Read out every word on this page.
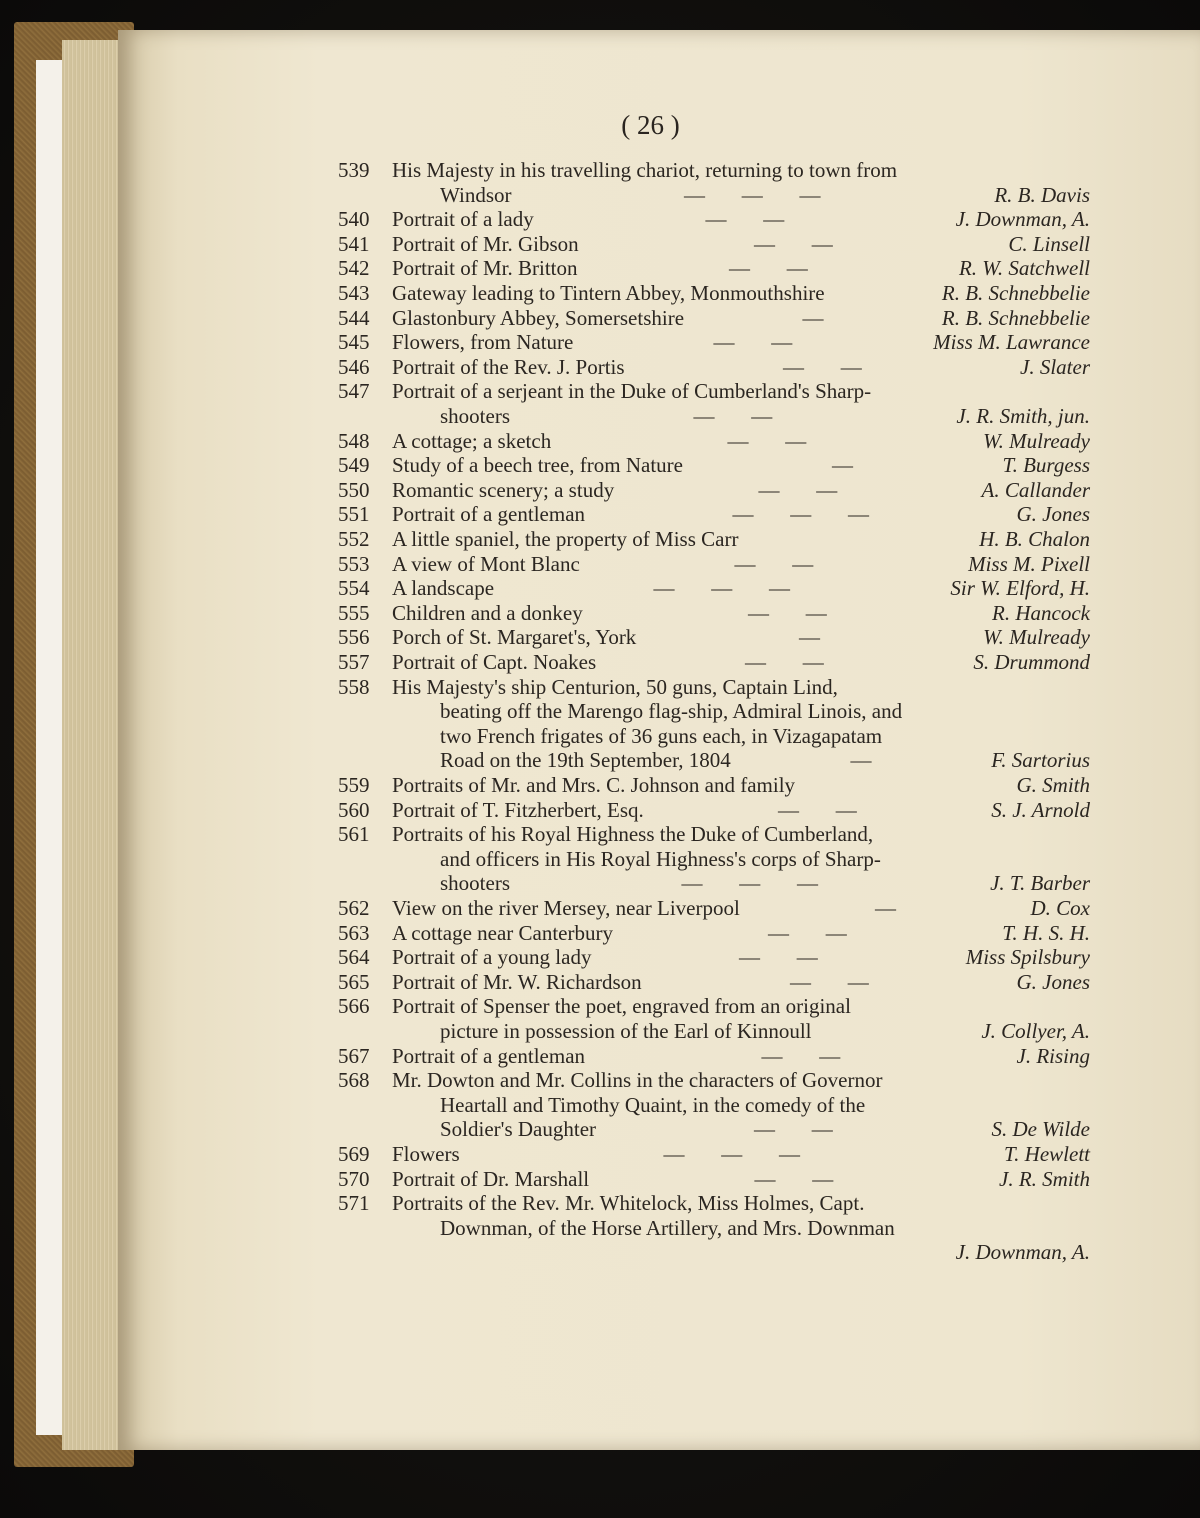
( 26 )
539	His Majesty in his travelling chariot, returning to town from
Windsor	—       —       —	R. B. Davis
540	Portrait of a lady	—       —	J. Downman, A.
541	Portrait of Mr. Gibson	—       —	C. Linsell
542	Portrait of Mr. Britton	—       —	R. W. Satchwell
543	Gateway leading to Tintern Abbey, Monmouthshire	R. B. Schnebbelie
544	Glastonbury Abbey, Somersetshire	—	R. B. Schnebbelie
545	Flowers, from Nature	—       —	Miss M. Lawrance
546	Portrait of the Rev. J. Portis	—       —	J. Slater
547	Portrait of a serjeant in the Duke of Cumberland's Sharp-
shooters	—       —	J. R. Smith, jun.
548	A cottage; a sketch	—       —	W. Mulready
549	Study of a beech tree, from Nature	—	T. Burgess
550	Romantic scenery; a study	—       —	A. Callander
551	Portrait of a gentleman	—       —       —	G. Jones
552	A little spaniel, the property of Miss Carr	H. B. Chalon
553	A view of Mont Blanc	—       —	Miss M. Pixell
554	A landscape	—       —       —	Sir W. Elford, H.
555	Children and a donkey	—       —	R. Hancock
556	Porch of St. Margaret's, York	—	W. Mulready
557	Portrait of Capt. Noakes	—       —	S. Drummond
558	His Majesty's ship Centurion, 50 guns, Captain Lind,
beating off the Marengo flag-ship, Admiral Linois, and
two French frigates of 36 guns each, in Vizagapatam
Road on the 19th September, 1804	—	F. Sartorius
559	Portraits of Mr. and Mrs. C. Johnson and family	G. Smith
560	Portrait of T. Fitzherbert, Esq.	—       —	S. J. Arnold
561	Portraits of his Royal Highness the Duke of Cumberland,
and officers in His Royal Highness's corps of Sharp-
shooters	—       —       —	J. T. Barber
562	View on the river Mersey, near Liverpool	—	D. Cox
563	A cottage near Canterbury	—       —	T. H. S. H.
564	Portrait of a young lady	—       —	Miss Spilsbury
565	Portrait of Mr. W. Richardson	—       —	G. Jones
566	Portrait of Spenser the poet, engraved from an original
picture in possession of the Earl of Kinnoull	J. Collyer, A.
567	Portrait of a gentleman	—       —	J. Rising
568	Mr. Dowton and Mr. Collins in the characters of Governor
Heartall and Timothy Quaint, in the comedy of the
Soldier's Daughter	—       —	S. De Wilde
569	Flowers	—       —       —	T. Hewlett
570	Portrait of Dr. Marshall	—       —	J. R. Smith
571	Portraits of the Rev. Mr. Whitelock, Miss Holmes, Capt.
Downman, of the Horse Artillery, and Mrs. Downman
J. Downman, A.
